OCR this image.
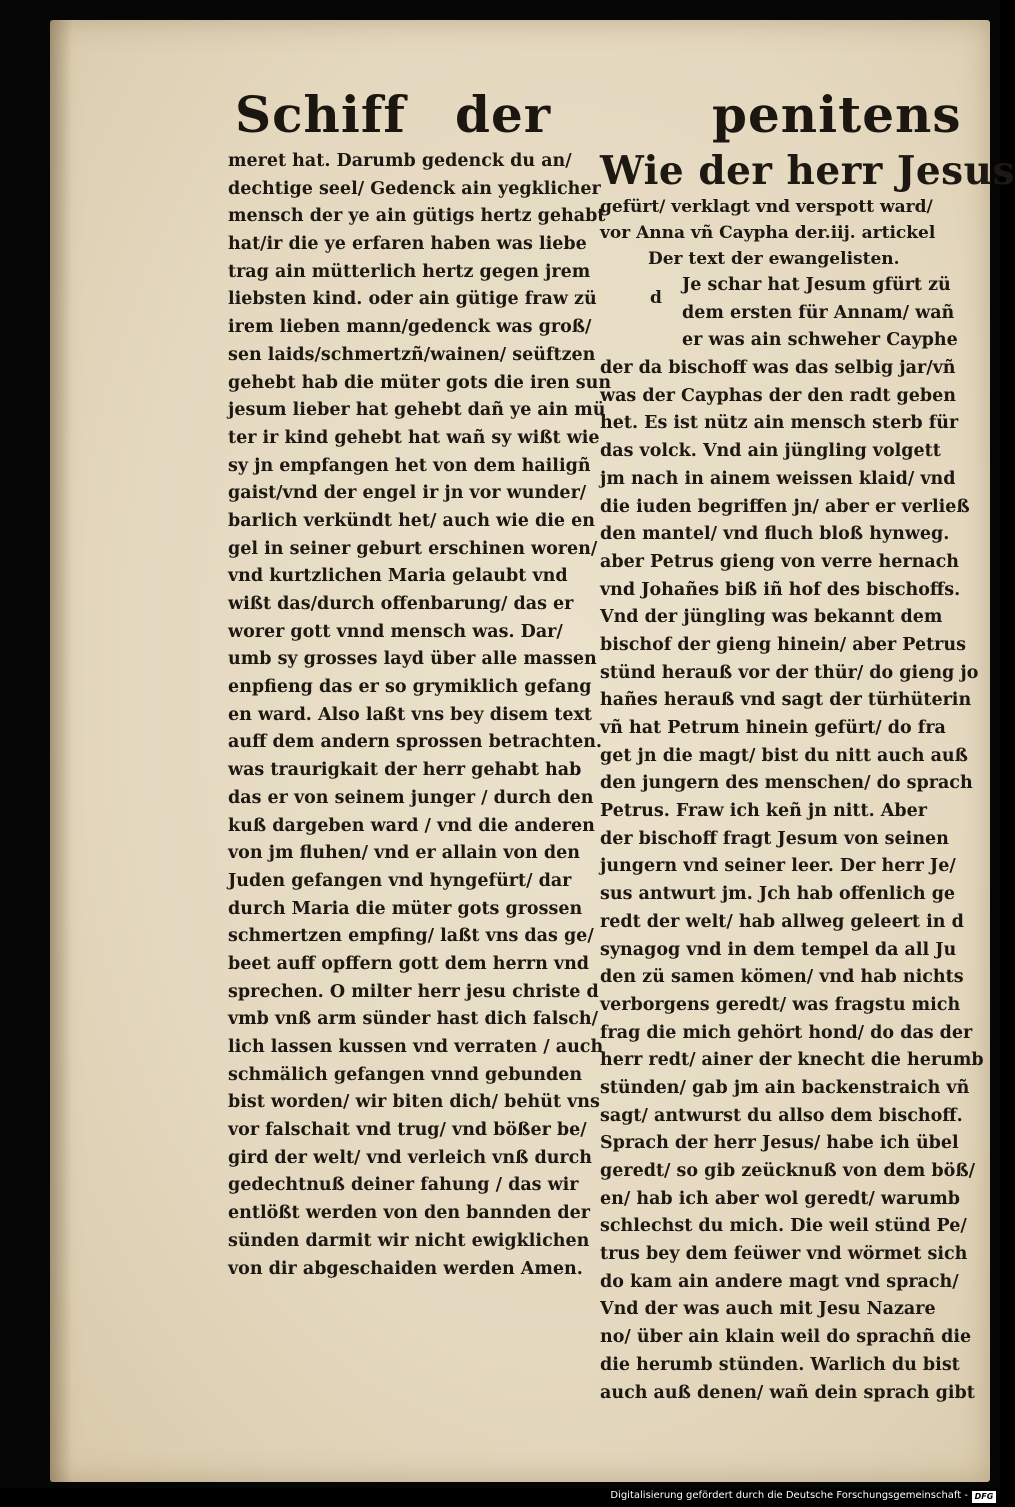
Schiff der	penitens
meret hat. Darumb gedenck du an/
dechtige seel/ Gedenck ain yegklicher
mensch der ye ain gütigs hertz gehabt
hat/ir die ye erfaren haben was liebe
trag ain mütterlich hertz gegen jrem
liebsten kind. oder ain gütige fraw zü
irem lieben mann/gedenck was groß/
sen laids/schmertzñ/wainen/ seüftzen
gehebt hab die müter gots die iren sun
jesum lieber hat gehebt dañ ye ain mü
ter ir kind gehebt hat wañ sy wißt wie
sy jn empfangen het von dem hailigñ
gaist/vnd der engel ir jn vor wunder/
barlich verkündt het/ auch wie die en
gel in seiner geburt erschinen woren/
vnd kurtzlichen Maria gelaubt vnd
wißt das/durch offenbarung/ das er
worer gott vnnd mensch was. Dar/
umb sy grosses layd über alle massen
enpfieng das er so grymiklich gefang
en ward. Also laßt vns bey disem text
auff dem andern sprossen betrachten.
was traurigkait der herr gehabt hab
das er von seinem junger / durch den
kuß dargeben ward / vnd die anderen
von jm fluhen/ vnd er allain von den
Juden gefangen vnd hyngefürt/ dar
durch Maria die müter gots grossen
schmertzen empfing/ laßt vns das ge/
beet auff opffern gott dem herrn vnd
sprechen. O milter herr jesu christe d
vmb vnß arm sünder hast dich falsch/
lich lassen kussen vnd verraten / auch
schmälich gefangen vnnd gebunden
bist worden/ wir biten dich/ behüt vns
vor falschait vnd trug/ vnd bößer be/
gird der welt/ vnd verleich vnß durch
gedechtnuß deiner fahung / das wir
entlößt werden von den bannden der
sünden darmit wir nicht ewigklichen
von dir abgeschaiden werden Amen.
Wie der herr Jesus
gefürt/ verklagt vnd verspott ward/
vor Anna vñ Caypha der.iij. artickel
Der text der ewangelisten.
Je schar hat Jesum gfürt zü
dem ersten für Annam/ wañ
er was ain schweher Cayphe
der da bischoff was das selbig jar/vñ
was der Cayphas der den radt geben
het. Es ist nütz ain mensch sterb für
das volck. Vnd ain jüngling volgett
jm nach in ainem weissen klaid/ vnd
die iuden begriffen jn/ aber er verließ
den mantel/ vnd fluch bloß hynweg.
aber Petrus gieng von verre hernach
vnd Johañes biß iñ hof des bischoffs.
Vnd der jüngling was bekannt dem
bischof der gieng hinein/ aber Petrus
stünd herauß vor der thür/ do gieng jo
hañes herauß vnd sagt der türhüterin
vñ hat Petrum hinein gefürt/ do fra
get jn die magt/ bist du nitt auch auß
den jungern des menschen/ do sprach
Petrus. Fraw ich keñ jn nitt. Aber
der bischoff fragt Jesum von seinen
jungern vnd seiner leer. Der herr Je/
sus antwurt jm. Jch hab offenlich ge
redt der welt/ hab allweg geleert in d
synagog vnd in dem tempel da all Ju
den zü samen kömen/ vnd hab nichts
verborgens geredt/ was fragstu mich
frag die mich gehört hond/ do das der
herr redt/ ainer der knecht die herumb
stünden/ gab jm ain backenstraich vñ
sagt/ antwurst du allso dem bischoff.
Sprach der herr Jesus/ habe ich übel
geredt/ so gib zeücknuß von dem böß/
en/ hab ich aber wol geredt/ warumb
schlechst du mich. Die weil stünd Pe/
trus bey dem feüwer vnd wörmet sich
do kam ain andere magt vnd sprach/
Vnd der was auch mit Jesu Nazare
no/ über ain klain weil do sprachñ die
die herumb stünden. Warlich du bist
auch auß denen/ wañ dein sprach gibt
d
Digitalisierung gefördert durch die Deutsche Forschungsgemeinschaft - DFG
